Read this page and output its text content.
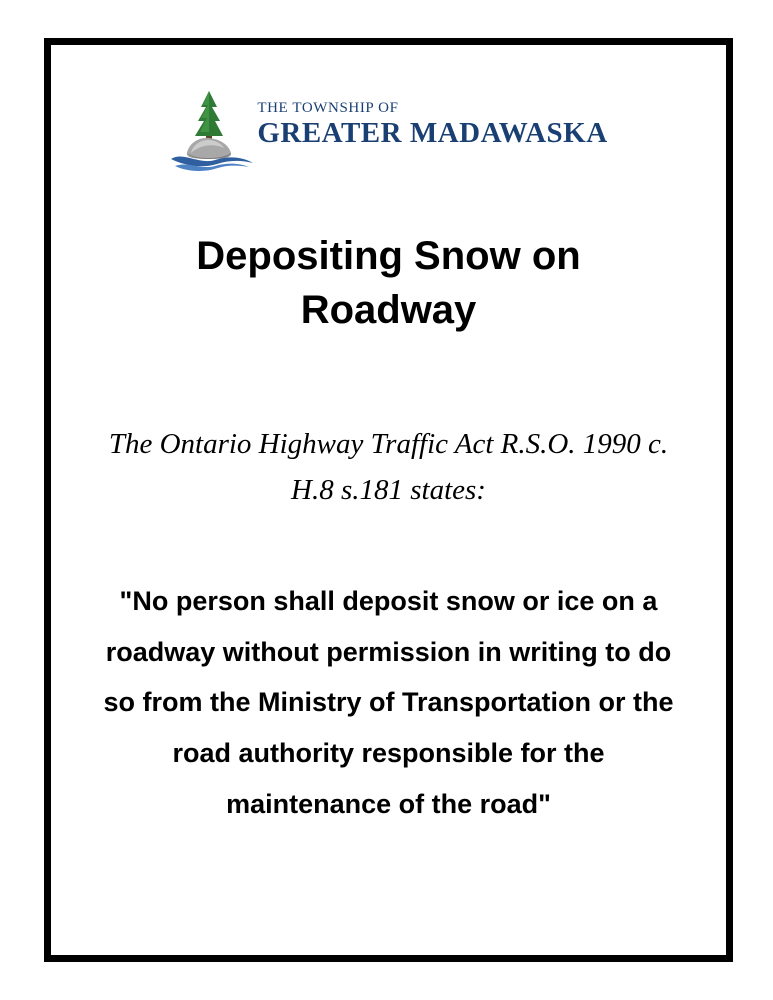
THE TOWNSHIP OF
GREATER MADAWASKA
Depositing Snow on Roadway

The Ontario Highway Traffic Act R.S.O. 1990 c. H.8 s.181 states:

"No person shall deposit snow or ice on a roadway without permission in writing to do so from the Ministry of Transportation or the road authority responsible for the maintenance of the road"
